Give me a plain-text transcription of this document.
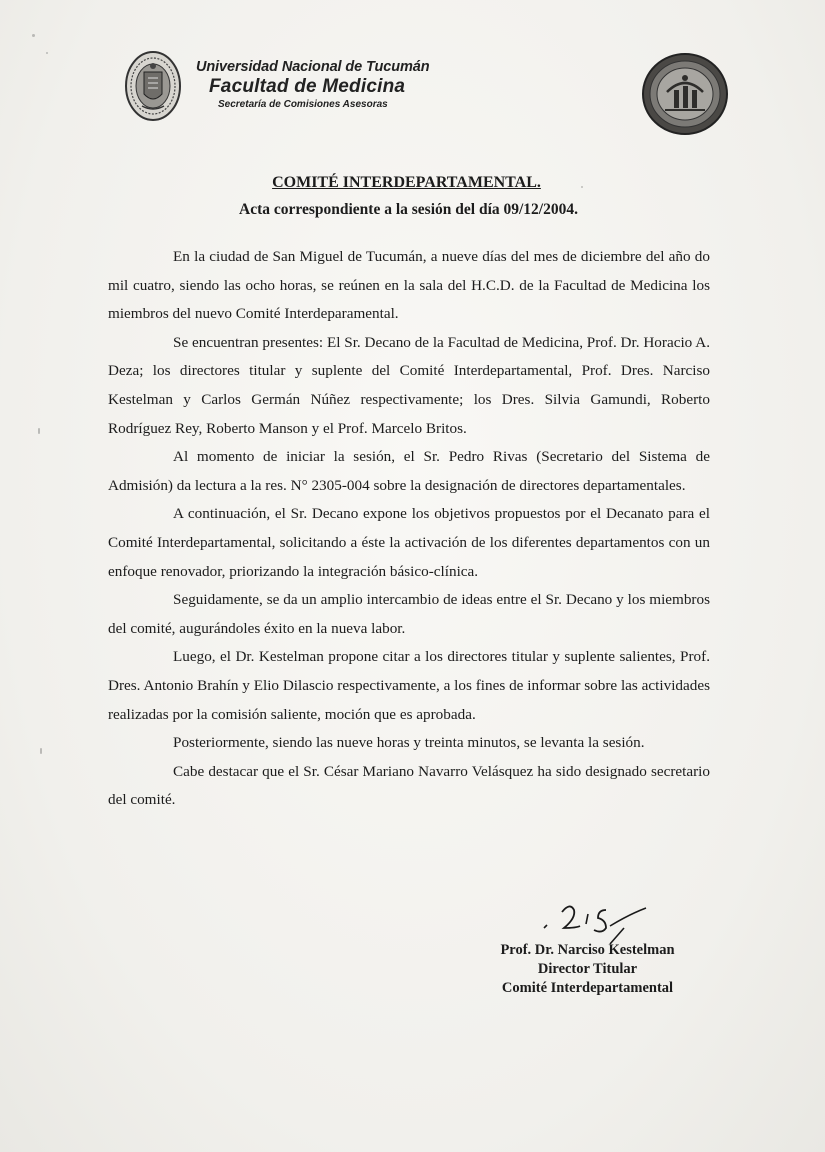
Universidad Nacional de Tucumán
Facultad de Medicina
Secretaría de Comisiones Asesoras
COMITÉ INTERDEPARTAMENTAL.
Acta correspondiente a la sesión del día 09/12/2004.

En la ciudad de San Miguel de Tucumán, a nueve días del mes de diciembre del año do mil cuatro, siendo las ocho horas, se reúnen en la sala del H.C.D. de la Facultad de Medicina los miembros del nuevo Comité Interdeparamental.

Se encuentran presentes: El Sr. Decano de la Facultad de Medicina, Prof. Dr. Horacio A. Deza; los directores titular y suplente del Comité Interdepartamental, Prof. Dres. Narciso Kestelman y Carlos Germán Núñez respectivamente; los Dres. Silvia Gamundi, Roberto Rodríguez Rey, Roberto Manson y el Prof. Marcelo Britos.

Al momento de iniciar la sesión, el Sr. Pedro Rivas (Secretario del Sistema de Admisión) da lectura a la res. N° 2305-004 sobre la designación de directores departamentales.

A continuación, el Sr. Decano expone los objetivos propuestos por el Decanato para el Comité Interdepartamental, solicitando a éste la activación de los diferentes departamentos con un enfoque renovador, priorizando la integración básico-clínica.

Seguidamente, se da un amplio intercambio de ideas entre el Sr. Decano y los miembros del comité, augurándoles éxito en la nueva labor.

Luego, el Dr. Kestelman propone citar a los directores titular y suplente salientes, Prof. Dres. Antonio Brahín y Elio Dilascio respectivamente, a los fines de informar sobre las actividades realizadas por la comisión saliente, moción que es aprobada.

Posteriormente, siendo las nueve horas y treinta minutos, se levanta la sesión.

Cabe destacar que el Sr. César Mariano Navarro Velásquez ha sido designado secretario del comité.

Prof. Dr. Narciso Kestelman
Director Titular
Comité Interdepartamental
